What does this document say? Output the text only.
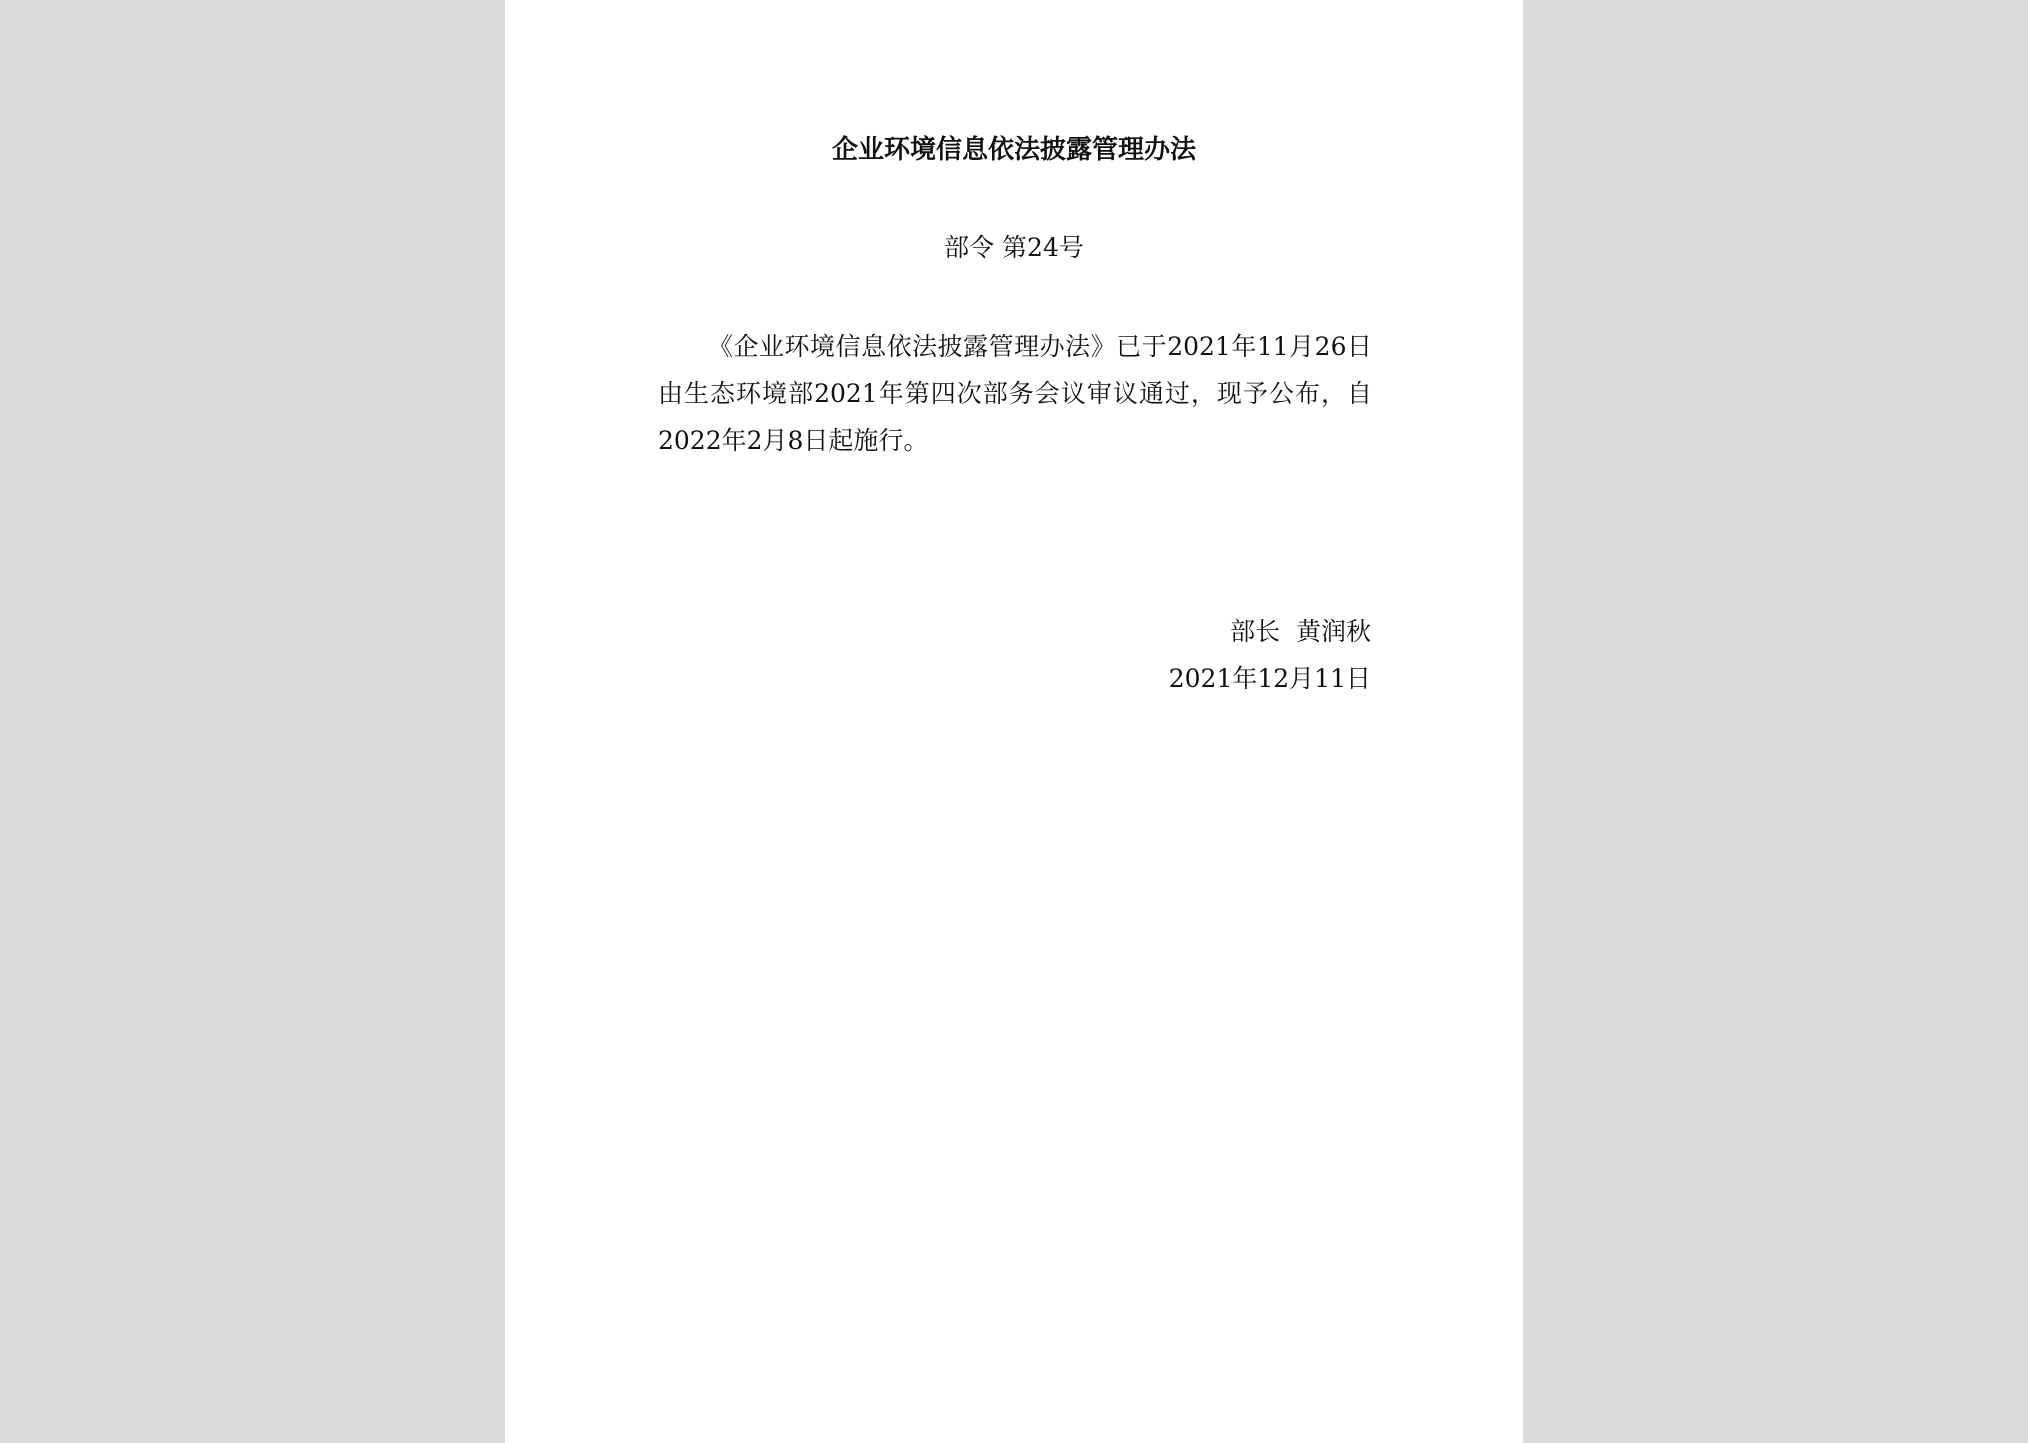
企业环境信息依法披露管理办法
部令 第24号

《企业环境信息依法披露管理办法》已于2021年11月26日由生态环境部2021年第四次部务会议审议通过，现予公布，自2022年2月8日起施行。

部长  黄润秋
2021年12月11日
